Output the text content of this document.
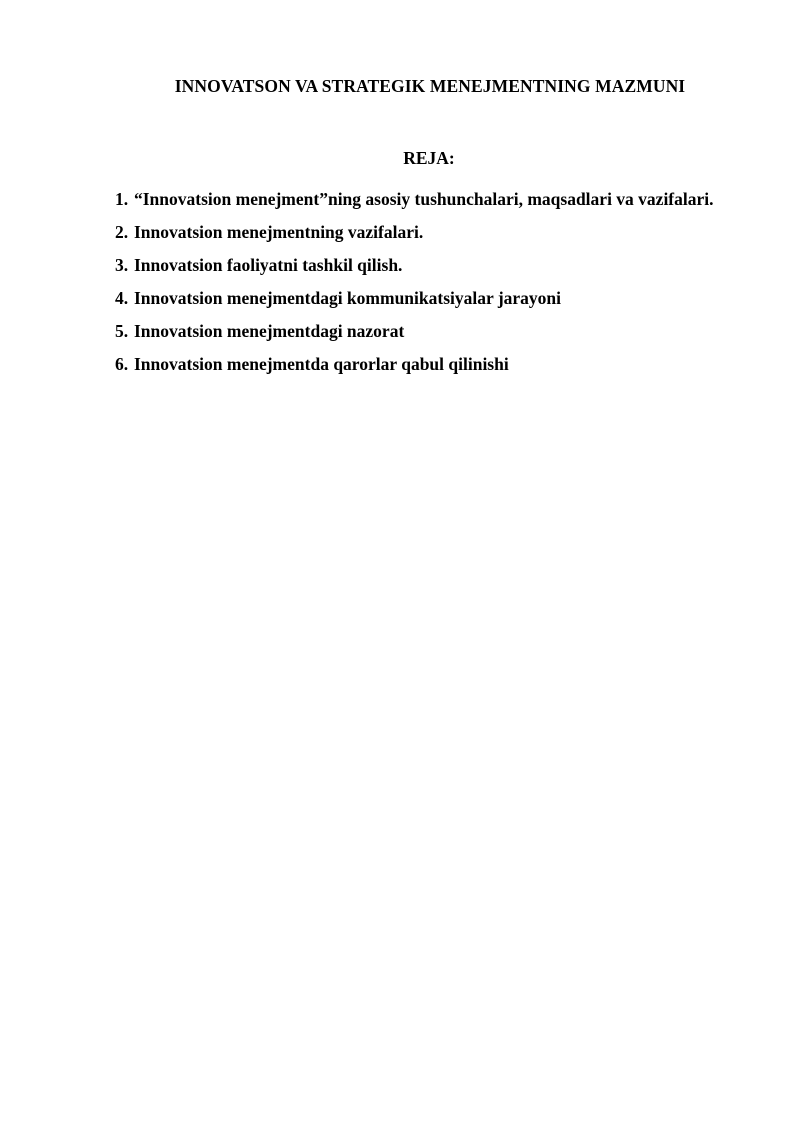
INNOVATSON VA STRATEGIK MENEJMENTNING MAZMUNI
REJA:
1. “Innovatsion menejment”ning asosiy tushunchalari, maqsadlari va vazifalari.
2. Innovatsion menejmentning vazifalari.
3. Innovatsion faoliyatni tashkil qilish.
4. Innovatsion menejmentdagi kommunikatsiyalar jarayoni
5. Innovatsion menejmentdagi nazorat
6. Innovatsion menejmentda qarorlar qabul qilinishi
